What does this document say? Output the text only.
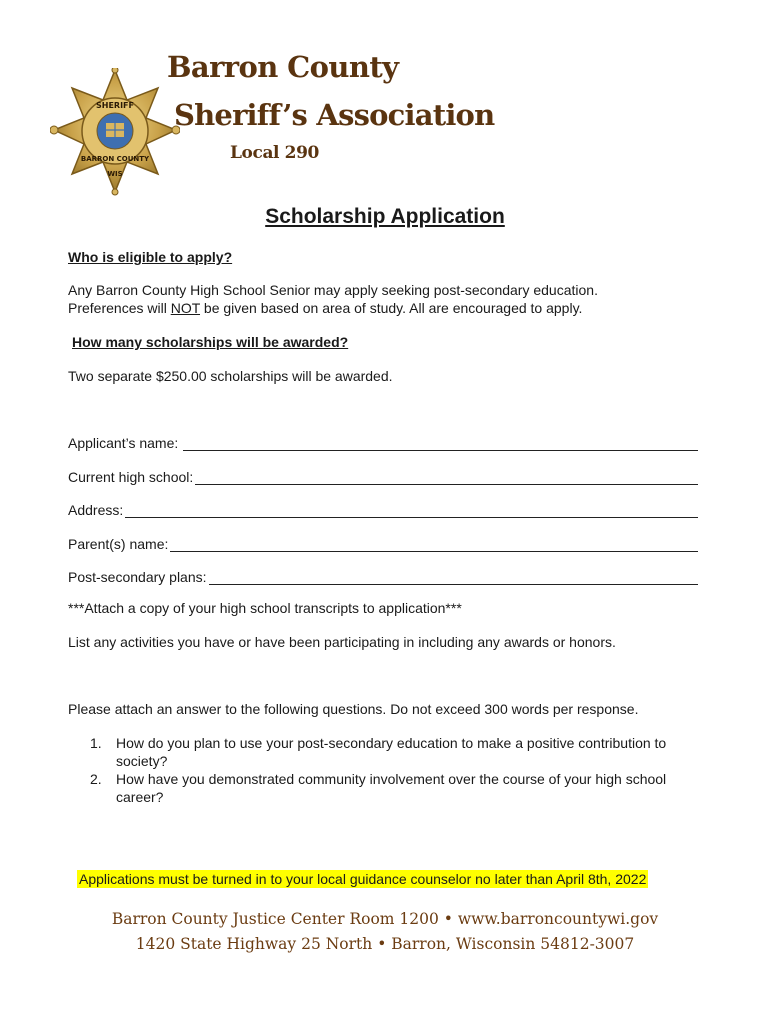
SHERIFF
BARRON COUNTY
WIS
Barron County
Sheriff’s Association
Local 290
Scholarship Application
Who is eligible to apply?
Any Barron County High School Senior may apply seeking post-secondary education.
Preferences will NOT be given based on area of study. All are encouraged to apply.
How many scholarships will be awarded?
Two separate $250.00 scholarships will be awarded.
Applicant’s name:
Current high school:
Address:
Parent(s) name:
Post-secondary plans:
***Attach a copy of your high school transcripts to application***
List any activities you have or have been participating in including any awards or honors.
Please attach an answer to the following questions. Do not exceed 300 words per response.
1. How do you plan to use your post-secondary education to make a positive contribution to society?
2. How have you demonstrated community involvement over the course of your high school career?
Applications must be turned in to your local guidance counselor no later than April 8th, 2022
Barron County Justice Center Room 1200 • www.barroncountywi.gov
1420 State Highway 25 North • Barron, Wisconsin 54812-3007
